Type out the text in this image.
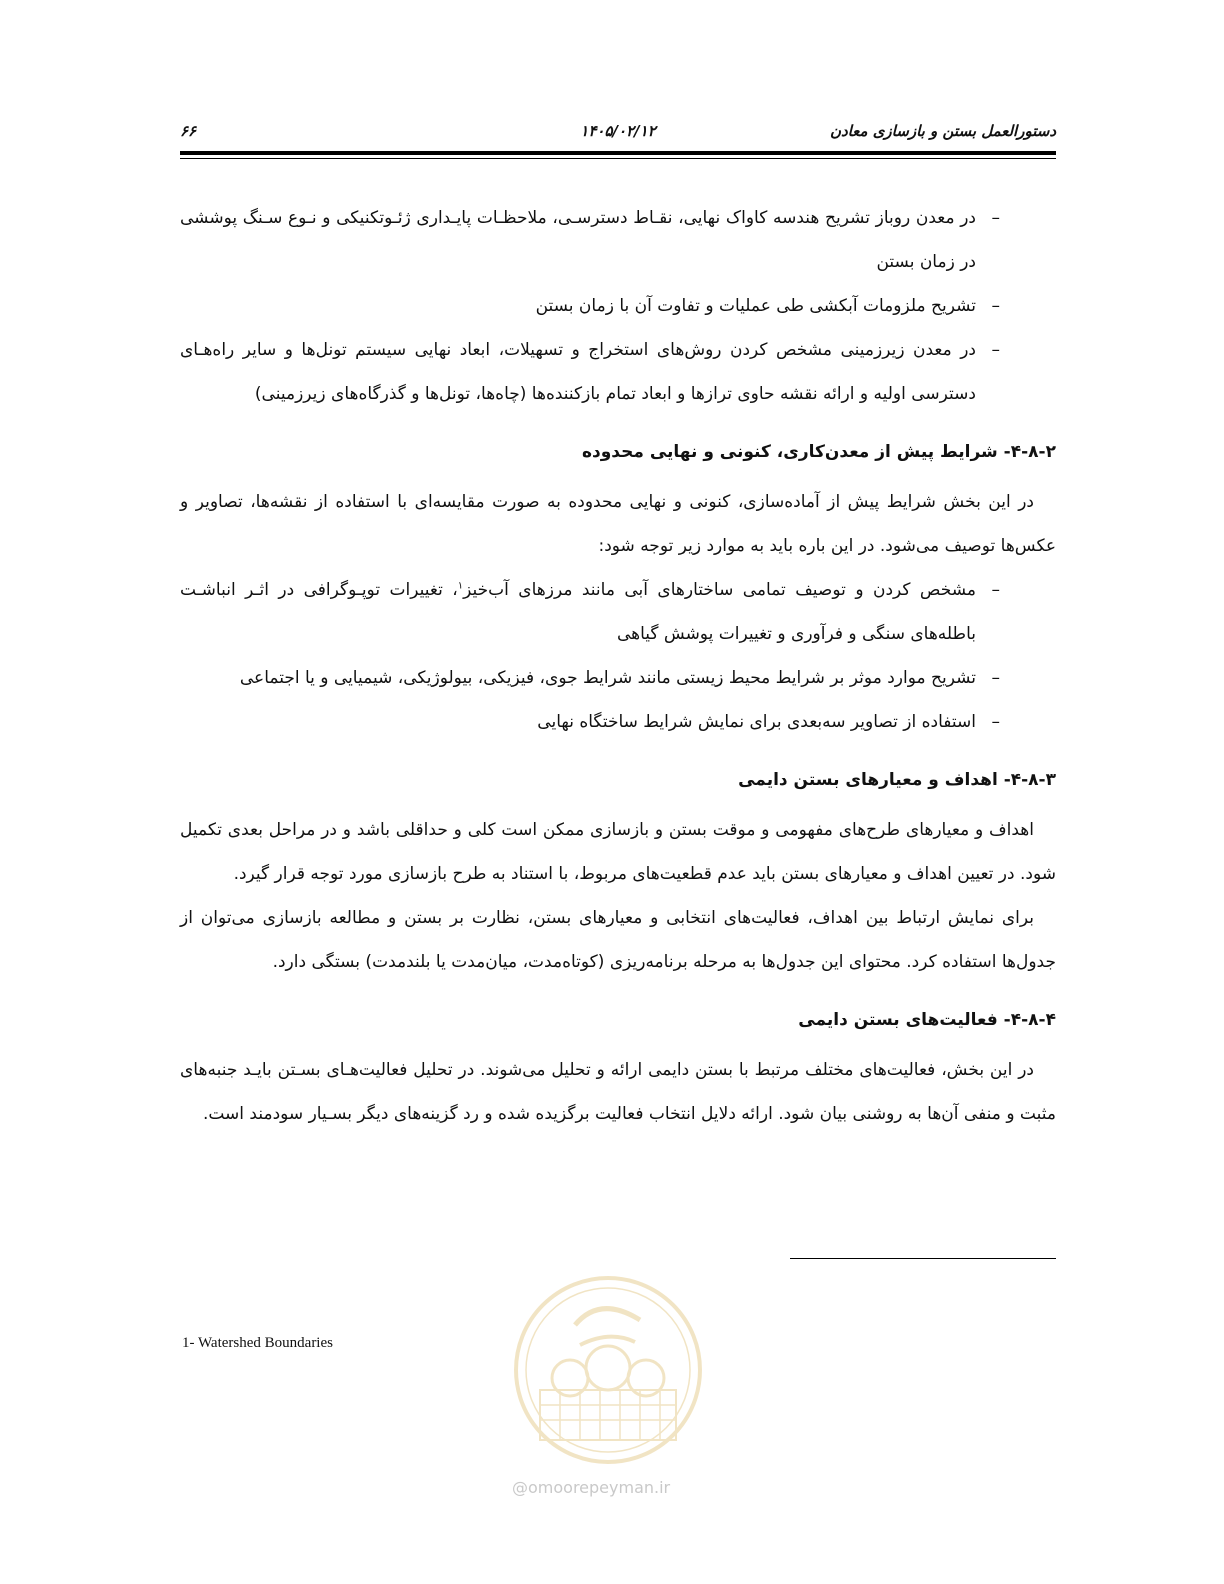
دستورالعمل بستن و بازسازی معادن
۱۴۰۵/۰۲/۱۲
۶۶
–
در معدن روباز تشریح هندسه کاواک نهایی، نقـاط دسترسـی، ملاحظـات پایـداری ژئـوتکنیکی و نـوع سـنگ پوششی در زمان بستن
–
تشریح ملزومات آبکشی طی عملیات و تفاوت آن با زمان بستن
–
در معدن زیرزمینی مشخص کردن روش‌های استخراج و تسهیلات، ابعاد نهایی سیستم تونل‌ها و سایر راه‌هـای دسترسی اولیه و ارائه نقشه حاوی ترازها و ابعاد تمام بازکننده‌ها (چاه‌ها، تونل‌ها و گذرگاه‌های زیرزمینی)
۴-۸-۲- شرایط پیش از معدن‌کاری، کنونی و نهایی محدوده

در این بخش شرایط پیش از آماده‌سازی، کنونی و نهایی محدوده به صورت مقایسه‌ای با استفاده از نقشه‌ها، تصاویر و عکس‌ها توصیف می‌شود. در این باره باید به موارد زیر توجه شود:

–
مشخص کردن و توصیف تمامی ساختارهای آبی مانند مرزهای آب‌خیز$^۱$، تغییرات توپـوگرافی در اثـر انباشـت باطله‌های سنگی و فرآوری و تغییرات پوشش گیاهی
–
تشریح موارد موثر بر شرایط محیط زیستی مانند شرایط جوی، فیزیکی، بیولوژیکی، شیمیایی و یا اجتماعی
–
استفاده از تصاویر سه‌بعدی برای نمایش شرایط ساختگاه نهایی
۴-۸-۳- اهداف و معیارهای بستن دایمی

اهداف و معیارهای طرح‌های مفهومی و موقت بستن و بازسازی ممکن است کلی و حداقلی باشد و در مراحل بعدی تکمیل شود. در تعیین اهداف و معیارهای بستن باید عدم قطعیت‌های مربوط، با استناد به طرح بازسازی مورد توجه قرار گیرد.

برای نمایش ارتباط بین اهداف، فعالیت‌های انتخابی و معیارهای بستن، نظارت بر بستن و مطالعه بازسازی می‌توان از جدول‌ها استفاده کرد. محتوای این جدول‌ها به مرحله برنامه‌ریزی (کوتاه‌مدت، میان‌مدت یا بلندمدت) بستگی دارد.

۴-۸-۴- فعالیت‌های بستن دایمی

در این بخش، فعالیت‌های مختلف مرتبط با بستن دایمی ارائه و تحلیل می‌شوند. در تحلیل فعالیت‌هـای بسـتن بایـد جنبه‌های مثبت و منفی آن‌ها به روشنی بیان شود. ارائه دلایل انتخاب فعالیت برگزیده شده و رد گزینه‌های دیگر بسـیار سودمند است.

1- Watershed Boundaries
@omoorepeyman.ir
